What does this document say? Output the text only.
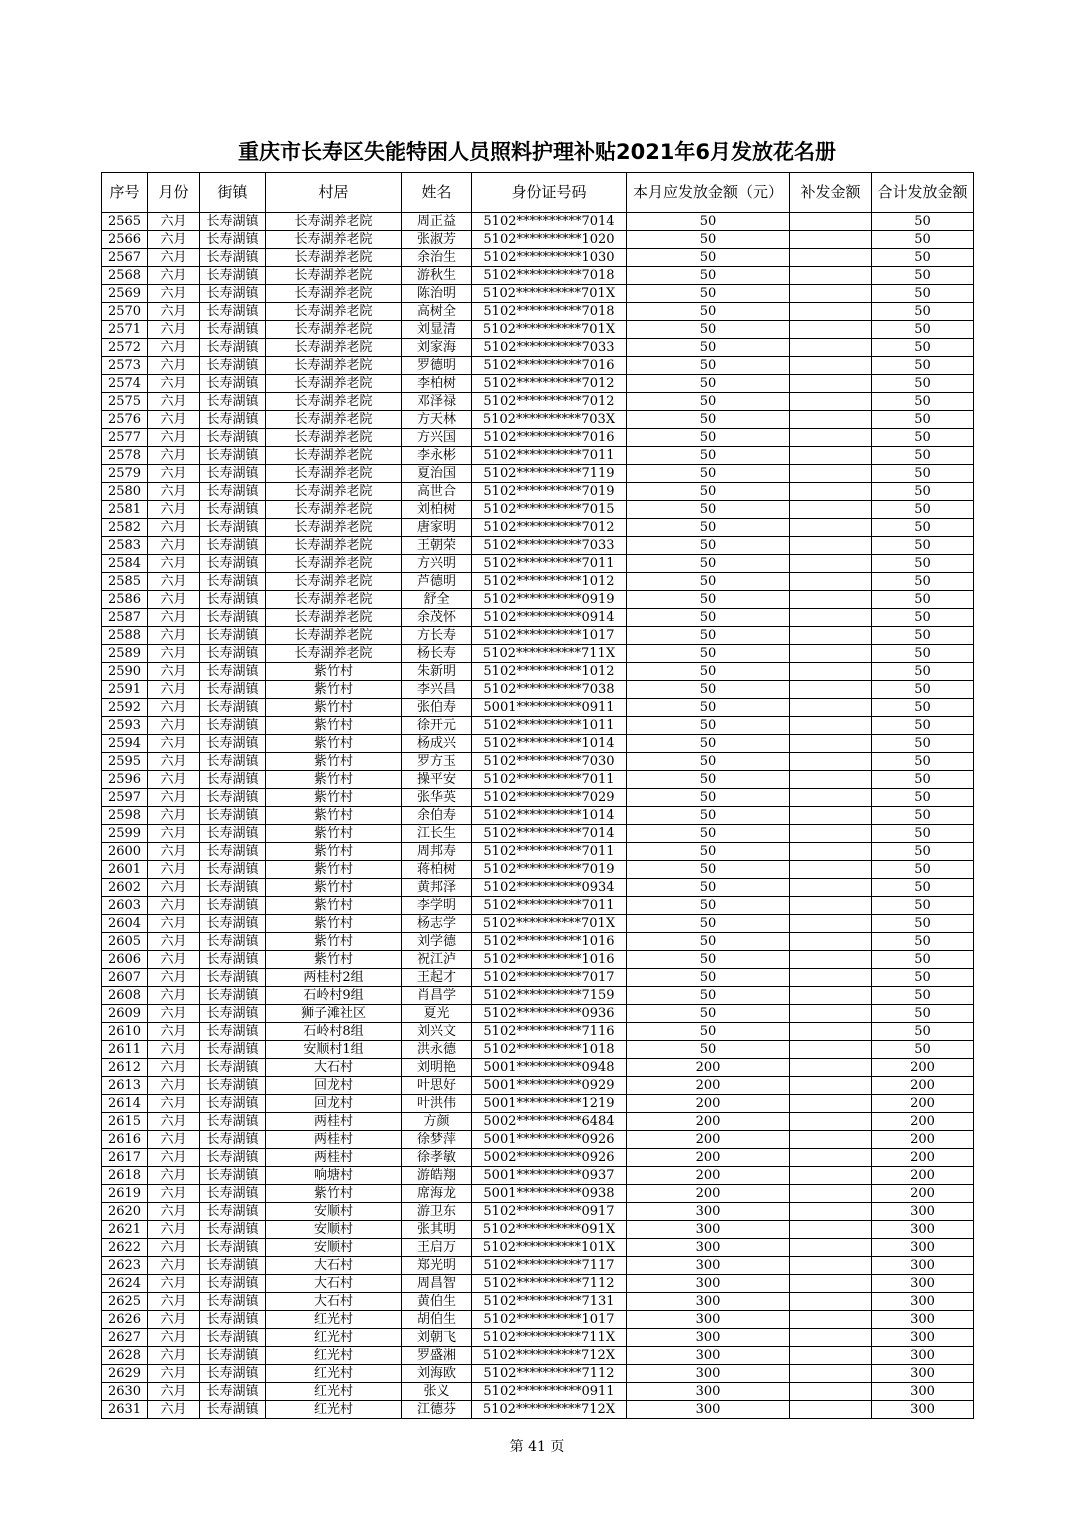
重庆市长寿区失能特困人员照料护理补贴2021年6月发放花名册
序号	月份	街镇	村居	姓名	身份证号码	本月应发放金额（元）	补发金额	合计发放金额
2565	六月	长寿湖镇	长寿湖养老院	周正益	5102**********7014	50		50
2566	六月	长寿湖镇	长寿湖养老院	张淑芳	5102**********1020	50		50
2567	六月	长寿湖镇	长寿湖养老院	余治生	5102**********1030	50		50
2568	六月	长寿湖镇	长寿湖养老院	游秋生	5102**********7018	50		50
2569	六月	长寿湖镇	长寿湖养老院	陈治明	5102**********701X	50		50
2570	六月	长寿湖镇	长寿湖养老院	高树全	5102**********7018	50		50
2571	六月	长寿湖镇	长寿湖养老院	刘显清	5102**********701X	50		50
2572	六月	长寿湖镇	长寿湖养老院	刘家海	5102**********7033	50		50
2573	六月	长寿湖镇	长寿湖养老院	罗德明	5102**********7016	50		50
2574	六月	长寿湖镇	长寿湖养老院	李柏树	5102**********7012	50		50
2575	六月	长寿湖镇	长寿湖养老院	邓泽禄	5102**********7012	50		50
2576	六月	长寿湖镇	长寿湖养老院	方天林	5102**********703X	50		50
2577	六月	长寿湖镇	长寿湖养老院	方兴国	5102**********7016	50		50
2578	六月	长寿湖镇	长寿湖养老院	李永彬	5102**********7011	50		50
2579	六月	长寿湖镇	长寿湖养老院	夏治国	5102**********7119	50		50
2580	六月	长寿湖镇	长寿湖养老院	高世合	5102**********7019	50		50
2581	六月	长寿湖镇	长寿湖养老院	刘柏树	5102**********7015	50		50
2582	六月	长寿湖镇	长寿湖养老院	唐家明	5102**********7012	50		50
2583	六月	长寿湖镇	长寿湖养老院	王朝荣	5102**********7033	50		50
2584	六月	长寿湖镇	长寿湖养老院	方兴明	5102**********7011	50		50
2585	六月	长寿湖镇	长寿湖养老院	芦德明	5102**********1012	50		50
2586	六月	长寿湖镇	长寿湖养老院	舒全	5102**********0919	50		50
2587	六月	长寿湖镇	长寿湖养老院	余茂怀	5102**********0914	50		50
2588	六月	长寿湖镇	长寿湖养老院	方长寿	5102**********1017	50		50
2589	六月	长寿湖镇	长寿湖养老院	杨长寿	5102**********711X	50		50
2590	六月	长寿湖镇	紫竹村	朱新明	5102**********1012	50		50
2591	六月	长寿湖镇	紫竹村	李兴昌	5102**********7038	50		50
2592	六月	长寿湖镇	紫竹村	张伯寿	5001**********0911	50		50
2593	六月	长寿湖镇	紫竹村	徐开元	5102**********1011	50		50
2594	六月	长寿湖镇	紫竹村	杨成兴	5102**********1014	50		50
2595	六月	长寿湖镇	紫竹村	罗方玉	5102**********7030	50		50
2596	六月	长寿湖镇	紫竹村	操平安	5102**********7011	50		50
2597	六月	长寿湖镇	紫竹村	张华英	5102**********7029	50		50
2598	六月	长寿湖镇	紫竹村	余伯寿	5102**********1014	50		50
2599	六月	长寿湖镇	紫竹村	江长生	5102**********7014	50		50
2600	六月	长寿湖镇	紫竹村	周邦寿	5102**********7011	50		50
2601	六月	长寿湖镇	紫竹村	蒋柏树	5102**********7019	50		50
2602	六月	长寿湖镇	紫竹村	黄邦泽	5102**********0934	50		50
2603	六月	长寿湖镇	紫竹村	李学明	5102**********7011	50		50
2604	六月	长寿湖镇	紫竹村	杨志学	5102**********701X	50		50
2605	六月	长寿湖镇	紫竹村	刘学德	5102**********1016	50		50
2606	六月	长寿湖镇	紫竹村	祝江泸	5102**********1016	50		50
2607	六月	长寿湖镇	两桂村2组	王起才	5102**********7017	50		50
2608	六月	长寿湖镇	石岭村9组	肖昌学	5102**********7159	50		50
2609	六月	长寿湖镇	狮子滩社区	夏光	5102**********0936	50		50
2610	六月	长寿湖镇	石岭村8组	刘兴文	5102**********7116	50		50
2611	六月	长寿湖镇	安顺村1组	洪永德	5102**********1018	50		50
2612	六月	长寿湖镇	大石村	刘明艳	5001**********0948	200		200
2613	六月	长寿湖镇	回龙村	叶思好	5001**********0929	200		200
2614	六月	长寿湖镇	回龙村	叶洪伟	5001**********1219	200		200
2615	六月	长寿湖镇	两桂村	方颜	5002**********6484	200		200
2616	六月	长寿湖镇	两桂村	徐梦萍	5001**********0926	200		200
2617	六月	长寿湖镇	两桂村	徐孝敏	5002**********0926	200		200
2618	六月	长寿湖镇	响塘村	游皓翔	5001**********0937	200		200
2619	六月	长寿湖镇	紫竹村	席海龙	5001**********0938	200		200
2620	六月	长寿湖镇	安顺村	游卫东	5102**********0917	300		300
2621	六月	长寿湖镇	安顺村	张其明	5102**********091X	300		300
2622	六月	长寿湖镇	安顺村	王启万	5102**********101X	300		300
2623	六月	长寿湖镇	大石村	郑光明	5102**********7117	300		300
2624	六月	长寿湖镇	大石村	周昌智	5102**********7112	300		300
2625	六月	长寿湖镇	大石村	黄伯生	5102**********7131	300		300
2626	六月	长寿湖镇	红光村	胡伯生	5102**********1017	300		300
2627	六月	长寿湖镇	红光村	刘朝飞	5102**********711X	300		300
2628	六月	长寿湖镇	红光村	罗盛湘	5102**********712X	300		300
2629	六月	长寿湖镇	红光村	刘海欧	5102**********7112	300		300
2630	六月	长寿湖镇	红光村	张义	5102**********0911	300		300
2631	六月	长寿湖镇	红光村	江德芬	5102**********712X	300		300
第 41 页
